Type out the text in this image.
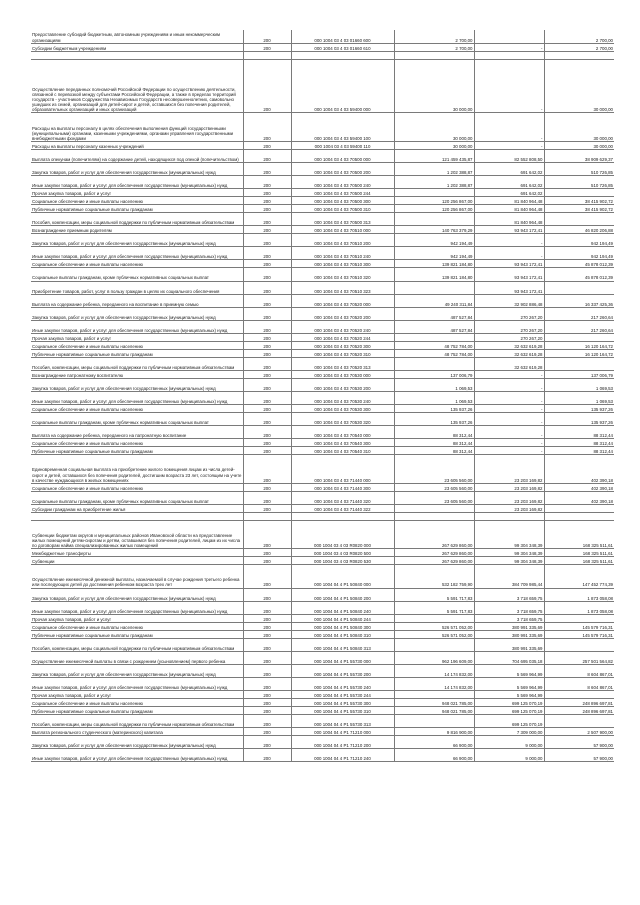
Предоставление субсидий бюджетным, автономным учреждениям и иным некоммерческим организациям	200	000 1004 03 4 03 01660 600	2 700,00		2 700,00
Субсидии бюджетным учреждениям	200	000 1004 03 4 03 01660 610	2 700,00	-	2 700,00

Осуществление переданных полномочий Российской Федерации по осуществлению деятельности, связанной с перевозкой между субъектами Российской Федерации, а также в пределах территорий государств - участников Содружества Независимых Государств несовершеннолетних, самовольно ушедших из семей, организаций для детей-сирот и детей, оставшихся без попечения родителей, образовательных организаций и иных организаций	200	000 1004 03 4 03 59400 000	30 000,00	-	30 000,00
Расходы на выплаты персоналу в целях обеспечения выполнения функций государственными (муниципальными) органами, казенными учреждениями, органами управления государственными внебюджетными фондами	200	000 1004 03 4 03 59400 100	30 000,00	-	30 000,00
Расходы на выплаты персоналу казенных учреждений	200	000 1004 03 4 03 59400 110	30 000,00	-	30 000,00
Выплата опекунам (попечителям) на содержание детей, находящихся под опекой (попечительством)	200	000 1004 03 4 03 70500 000	121 459 435,87	82 552 808,50	38 909 629,37
Закупка товаров, работ и услуг для обеспечения государственных (муниципальных) нужд	200	000 1004 03 4 03 70500 200	1 202 388,87	691 642,02	510 726,85
Иные закупки товаров, работ и услуг для обеспечения государственных (муниципальных) нужд	200	000 1004 03 4 03 70500 240	1 202 388,87	691 642,02	510 726,85
Прочая закупка товаров, работ и услуг	200	000 1004 03 4 03 70500 244		691 642,02	
Социальное обеспечение и иные выплаты населению	200	000 1004 03 4 03 70500 300	120 256 867,00	81 840 964,48	38 415 902,72
Публичные нормативные социальные выплаты гражданам	200	000 1004 03 4 03 70500 310	120 256 867,00	81 840 964,48	38 415 902,72
Пособия, компенсации, меры социальной поддержки по публичным нормативным обязательствам	200	000 1004 03 4 03 70500 313		81 840 964,48	
Вознаграждение приемным родителям	200	000 1004 03 4 03 70510 000	140 763 379,29	93 943 172,41	46 820 206,88
Закупка товаров, работ и услуг для обеспечения государственных (муниципальных) нужд	200	000 1004 03 4 03 70510 200	942 194,49	-	942 194,49
Иные закупки товаров, работ и услуг для обеспечения государственных (муниципальных) нужд	200	000 1004 03 4 03 70510 240	942 194,49	-	942 194,49
Социальное обеспечение и иные выплаты населению	200	000 1004 03 4 03 70510 300	139 821 184,80	93 943 172,41	45 878 012,39
Социальные выплаты гражданам, кроме публичных нормативных социальных выплат	200	000 1004 03 4 03 70510 320	139 821 184,80	93 943 172,41	45 878 012,39
Приобретение товаров, работ, услуг в пользу граждан в целях их социального обеспечения	200	000 1004 03 4 03 70510 323		93 943 172,41	
Выплата на содержание ребенка, переданного на воспитание в приемную семью	200	000 1004 03 4 03 70520 000	49 240 311,84	32 902 886,48	16 337 425,36
Закупка товаров, работ и услуг для обеспечения государственных (муниципальных) нужд	200	000 1004 03 4 03 70520 200	487 527,84	270 267,20	217 260,64
Иные закупки товаров, работ и услуг для обеспечения государственных (муниципальных) нужд	200	000 1004 03 4 03 70520 240	487 527,84	270 267,20	217 260,64
Прочая закупка товаров, работ и услуг	200	000 1004 03 4 03 70520 244		270 267,20	
Социальное обеспечение и иные выплаты населению	200	000 1004 03 4 03 70520 300	48 752 784,00	32 632 619,28	16 120 164,72
Публичные нормативные социальные выплаты гражданам	200	000 1004 03 4 03 70520 310	48 752 784,00	32 632 619,28	16 120 164,72
Пособия, компенсации, меры социальной поддержки по публичным нормативным обязательствам	200	000 1004 03 4 03 70520 313		32 632 619,28	
Вознаграждение патронатному воспитателю	200	000 1004 03 4 03 70530 000	137 006,79	-	137 006,79
Закупка товаров, работ и услуг для обеспечения государственных (муниципальных) нужд	200	000 1004 03 4 03 70530 200	1 069,53	-	1 069,53
Иные закупки товаров, работ и услуг для обеспечения государственных (муниципальных) нужд	200	000 1004 03 4 03 70530 240	1 069,53	-	1 069,53
Социальное обеспечение и иные выплаты населению	200	000 1004 03 4 03 70530 300	135 937,26	-	135 937,26
Социальные выплаты гражданам, кроме публичных нормативных социальных выплат	200	000 1004 03 4 03 70530 320	135 937,26	-	135 937,26
Выплата на содержание ребенка, переданного на патронатную воспитание	200	000 1004 03 4 03 70540 000	88 312,44	-	88 312,44
Социальное обеспечение и иные выплаты населению	200	000 1004 03 4 03 70540 300	88 312,44	-	88 312,44
Публичные нормативные социальные выплаты гражданам	200	000 1004 03 4 03 70540 310	88 312,44	-	88 312,44
Единовременная социальная выплата на приобретение жилого помещения лицам из числа детей-сирот и детей, оставшихся без попечения родителей, достигшим возраста 23 лет, состоящим на учете в качестве нуждающихся в жилых помещениях	200	000 1004 03 4 03 71440 000	23 605 560,00	23 203 169,82	402 390,18
Социальное обеспечение и иные выплаты населению	200	000 1004 03 4 03 71440 300	23 605 560,00	23 203 169,82	402 390,18
Социальные выплаты гражданам, кроме публичных нормативных социальных выплат	200	000 1004 03 4 03 71440 320	23 605 560,00	23 203 169,82	402 390,18
Субсидии гражданам на приобретение жилья	200	000 1004 03 4 03 71440 322		23 203 169,82	

Субвенции бюджетам округов и муниципальных районов Ивановской области на предоставление жилых помещений детям-сиротам и детям, оставшимся без попечения родителей, лицам из их числа по договорам найма специализированных жилых помещений	200	000 1004 03 4 03 R0820 000	267 629 860,00	99 304 348,39	168 325 511,61
Межбюджетные трансферты	200	000 1004 03 4 03 R0820 500	267 629 860,00	99 304 348,39	168 325 511,61
Субвенции	200	000 1004 03 4 03 R0820 530	267 629 860,00	99 304 348,39	168 325 511,61
Осуществление ежемесячной денежной выплаты, назначаемой в случае рождения третьего ребенка или последующих детей до достижения ребенком возраста трех лет	200	000 1004 04 4 Р1 50840 000	532 182 759,90	384 709 985,44	147 452 774,39
Закупка товаров, работ и услуг для обеспечения государственных (муниципальных) нужд	200	000 1004 04 4 Р1 50840 200	5 591 717,83	3 718 659,75	1 873 058,08
Иные закупки товаров, работ и услуг для обеспечения государственных (муниципальных) нужд	200	000 1004 04 4 Р1 50840 240	5 591 717,83	3 718 659,75	1 873 058,08
Прочая закупка товаров, работ и услуг	200	000 1004 04 4 Р1 50840 244		3 718 659,75	
Социальное обеспечение и иные выплаты населению	200	000 1004 04 4 Р1 50840 300	526 571 052,00	380 991 335,69	145 579 716,31
Публичные нормативные социальные выплаты гражданам	200	000 1004 04 4 Р1 50840 310	526 571 052,00	380 991 335,69	145 579 716,31
Пособия, компенсации, меры социальной поддержки по публичным нормативным обязательствам	200	000 1004 04 4 Р1 50840 313		380 991 335,69	
Осуществление ежемесячной выплаты в связи с рождением (усыновлением) первого ребенка	200	000 1004 04 4 Р1 55730 000	962 196 609,00	704 695 035,18	257 501 564,82
Закупка товаров, работ и услуг для обеспечения государственных (муниципальных) нужд	200	000 1004 04 4 Р1 55730 200	14 174 832,00	5 569 964,99	8 604 867,01
Иные закупки товаров, работ и услуг для обеспечения государственных (муниципальных) нужд	200	000 1004 04 4 Р1 55730 240	14 174 832,00	5 569 964,99	8 604 867,01
Прочая закупка товаров, работ и услуг	200	000 1004 04 4 Р1 55730 244		5 569 964,99	
Социальное обеспечение и иные выплаты населению	200	000 1004 04 4 Р1 55730 300	948 021 785,00	699 125 070,19	248 896 697,81
Публичные нормативные социальные выплаты гражданам	200	000 1004 04 4 Р1 55730 310	948 021 785,00	699 125 070,19	248 896 697,81
Пособия, компенсации, меры социальной поддержки по публичным нормативным обязательствам	200	000 1004 04 4 Р1 55730 313		699 125 070,19	
Выплата регионального студенческого (материнского) капитала	200	000 1004 04 4 Р1 71210 000	9 816 900,00	7 309 000,00	2 507 900,00
Закупка товаров, работ и услуг для обеспечения государственных (муниципальных) нужд	200	000 1004 04 4 Р1 71210 200	66 900,00	9 000,00	57 900,00
Иные закупки товаров, работ и услуг для обеспечения государственных (муниципальных) нужд	200	000 1004 04 4 Р1 71210 240	66 900,00	9 000,00	57 900,00
